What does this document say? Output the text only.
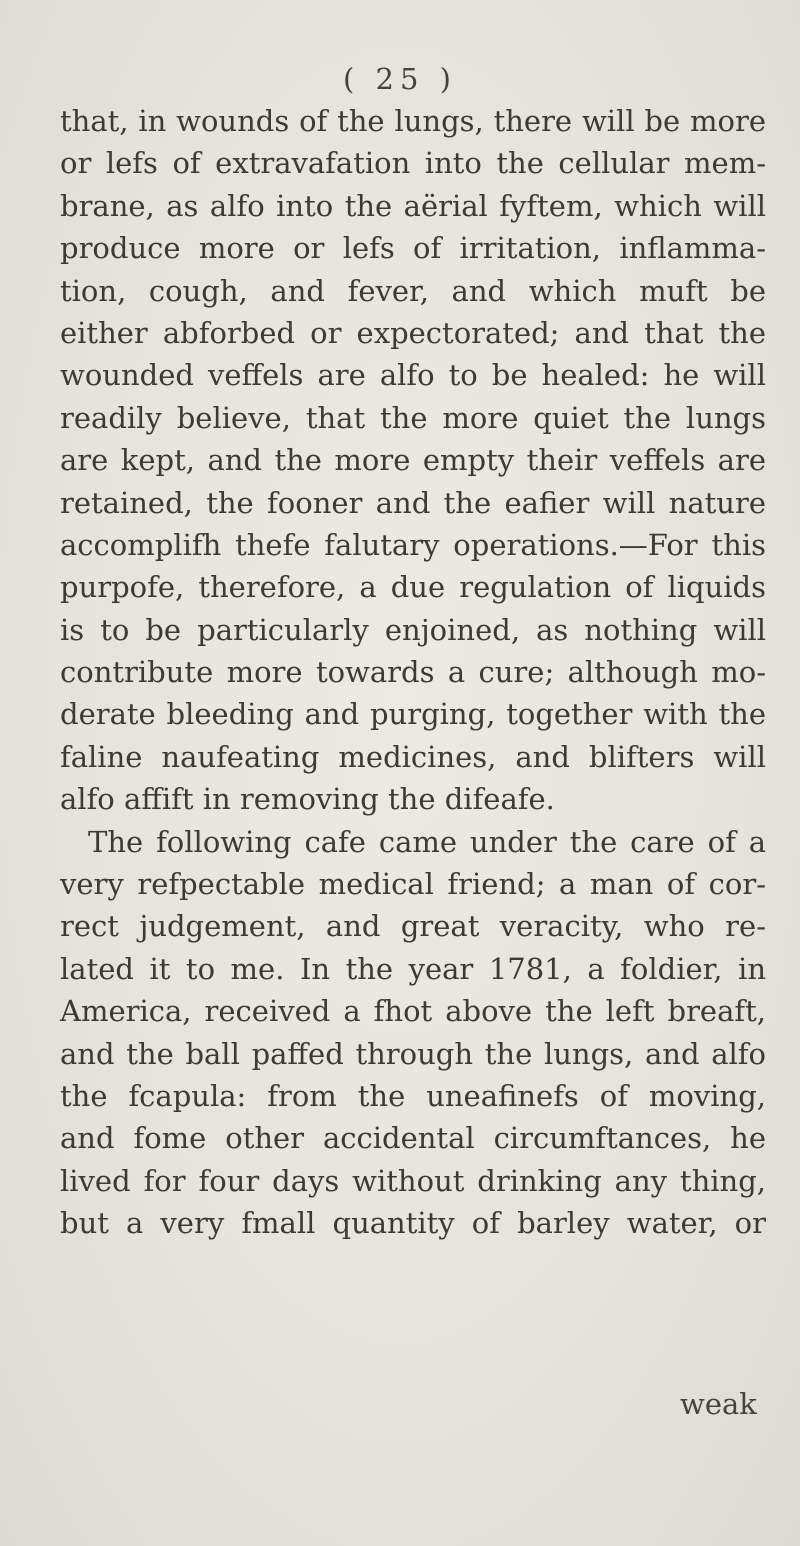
( 25 )
that, in wounds of the lungs, there will be more
or lefs of extravafation into the cellular mem-
brane, as alfo into the aërial fyftem, which will
produce more or lefs of irritation, inflamma-
tion, cough, and fever, and which muft be
either abforbed or expectorated; and that the
wounded veffels are alfo to be healed: he will
readily believe, that the more quiet the lungs
are kept, and the more empty their veffels are
retained, the fooner and the eafier will nature
accomplifh thefe falutary operations.—For this
purpofe, therefore, a due regulation of liquids
is to be particularly enjoined, as nothing will
contribute more towards a cure; although mo-
derate bleeding and purging, together with the
faline naufeating medicines, and blifters will
alfo affift in removing the difeafe.
The following cafe came under the care of a
very refpectable medical friend; a man of cor-
rect judgement, and great veracity, who re-
lated it to me. In the year 1781, a foldier, in
America, received a fhot above the left breaft,
and the ball paffed through the lungs, and alfo
the fcapula: from the uneafinefs of moving,
and fome other accidental circumftances, he
lived for four days without drinking any thing,
but a very fmall quantity of barley water, or
weak
